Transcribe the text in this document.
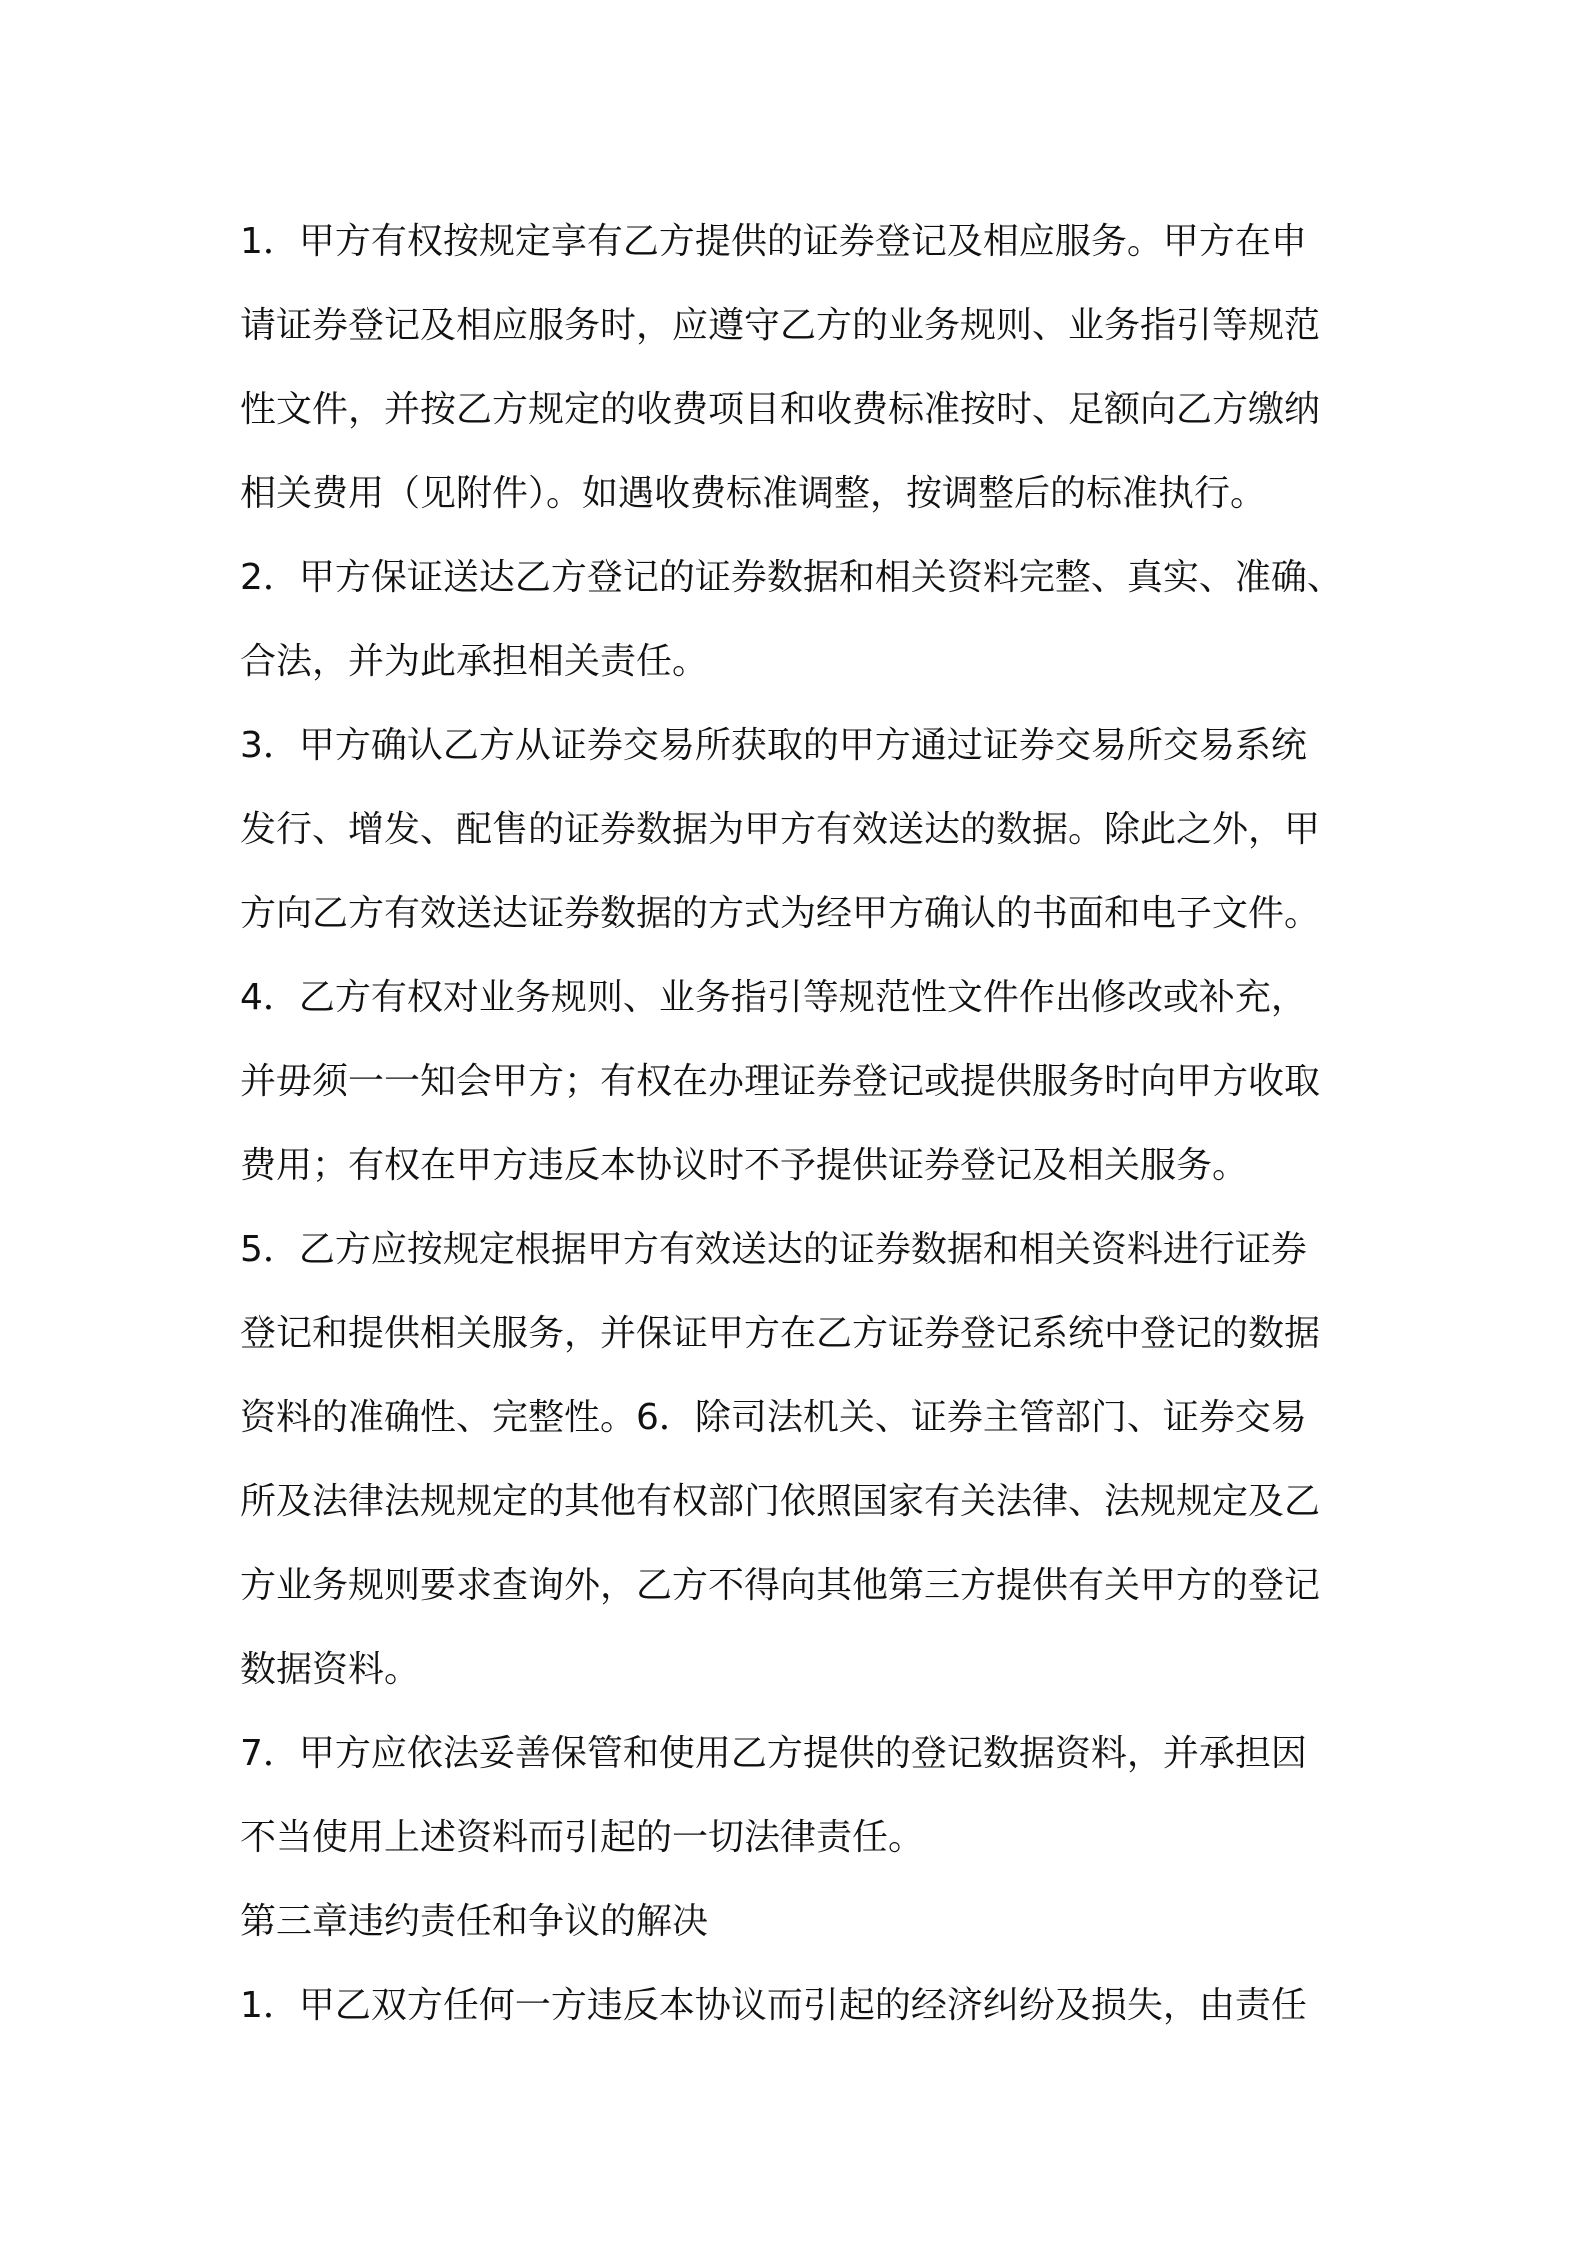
1．甲方有权按规定享有乙方提供的证券登记及相应服务。甲方在申
请证券登记及相应服务时，应遵守乙方的业务规则、业务指引等规范
性文件，并按乙方规定的收费项目和收费标准按时、足额向乙方缴纳
相关费用（见附件）。如遇收费标准调整，按调整后的标准执行。
2．甲方保证送达乙方登记的证券数据和相关资料完整、真实、准确、
合法，并为此承担相关责任。
3．甲方确认乙方从证券交易所获取的甲方通过证券交易所交易系统
发行、增发、配售的证券数据为甲方有效送达的数据。除此之外，甲
方向乙方有效送达证券数据的方式为经甲方确认的书面和电子文件。
4．乙方有权对业务规则、业务指引等规范性文件作出修改或补充，
并毋须一一知会甲方；有权在办理证券登记或提供服务时向甲方收取
费用；有权在甲方违反本协议时不予提供证券登记及相关服务。
5．乙方应按规定根据甲方有效送达的证券数据和相关资料进行证券
登记和提供相关服务，并保证甲方在乙方证券登记系统中登记的数据
资料的准确性、完整性。6．除司法机关、证券主管部门、证券交易
所及法律法规规定的其他有权部门依照国家有关法律、法规规定及乙
方业务规则要求查询外，乙方不得向其他第三方提供有关甲方的登记
数据资料。
7．甲方应依法妥善保管和使用乙方提供的登记数据资料，并承担因
不当使用上述资料而引起的一切法律责任。
第三章违约责任和争议的解决
1．甲乙双方任何一方违反本协议而引起的经济纠纷及损失，由责任
